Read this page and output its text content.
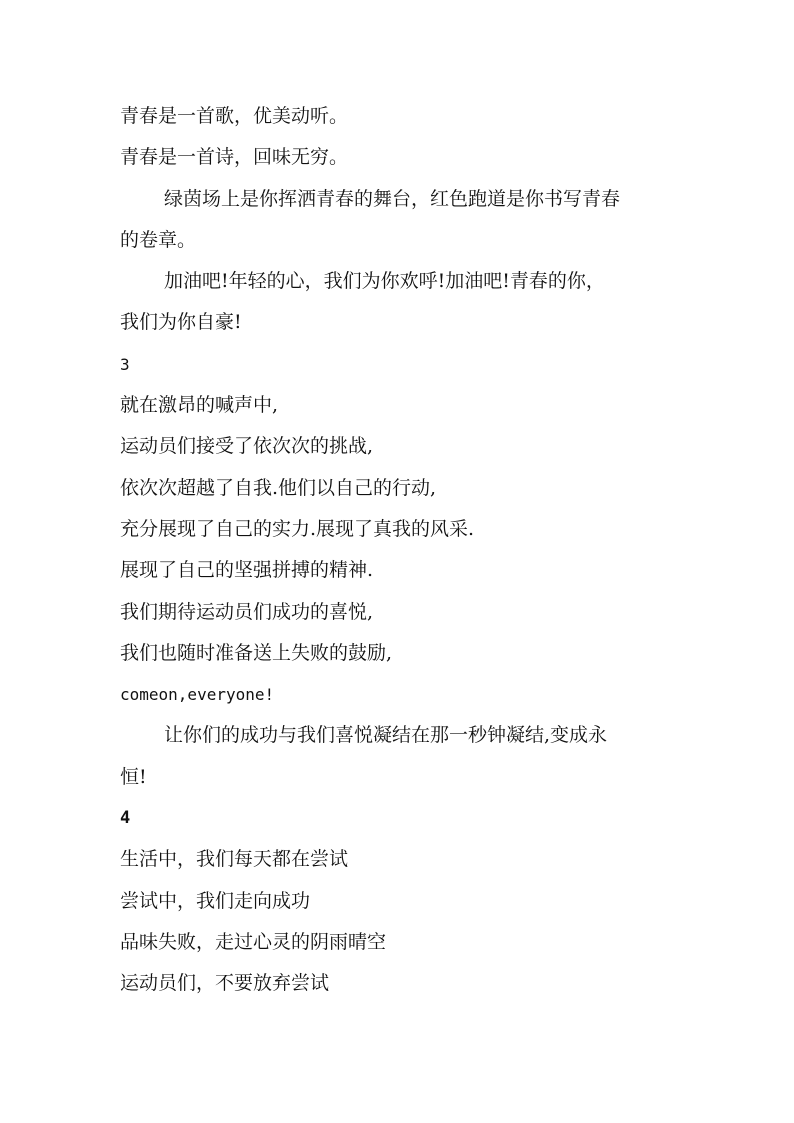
青春是一首歌，优美动听。
青春是一首诗，回味无穷。
绿茵场上是你挥洒青春的舞台，红色跑道是你书写青春
的卷章。
加油吧!年轻的心，我们为你欢呼!加油吧!青春的你，
我们为你自豪!
3
就在激昂的喊声中,
运动员们接受了依次次的挑战,
依次次超越了自我.他们以自己的行动,
充分展现了自己的实力.展现了真我的风采.
展现了自己的坚强拼搏的精神.
我们期待运动员们成功的喜悦,
我们也随时准备送上失败的鼓励,
comeon,everyone!
让你们的成功与我们喜悦凝结在那一秒钟凝结,变成永
恒!
4
生活中，我们每天都在尝试
尝试中，我们走向成功
品味失败，走过心灵的阴雨晴空
运动员们，不要放弃尝试
